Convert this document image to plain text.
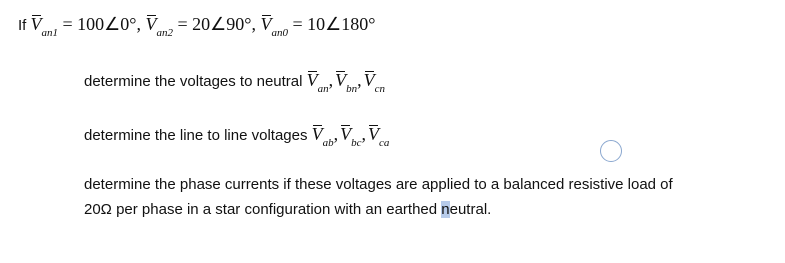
If $V_{an1}$ = 100∠0°, $V_{an2}$ = 20∠90°, $V_{an0}$ = 10∠180°
determine the voltages to neutral $V_{an}$, $V_{bn}$, $V_{cn}$
determine the line to line voltages $V_{ab}$, $V_{bc}$, $V_{ca}$
determine the phase currents if these voltages are applied to a balanced resistive load of
20Ω per phase in a star configuration with an earthed neutral.
